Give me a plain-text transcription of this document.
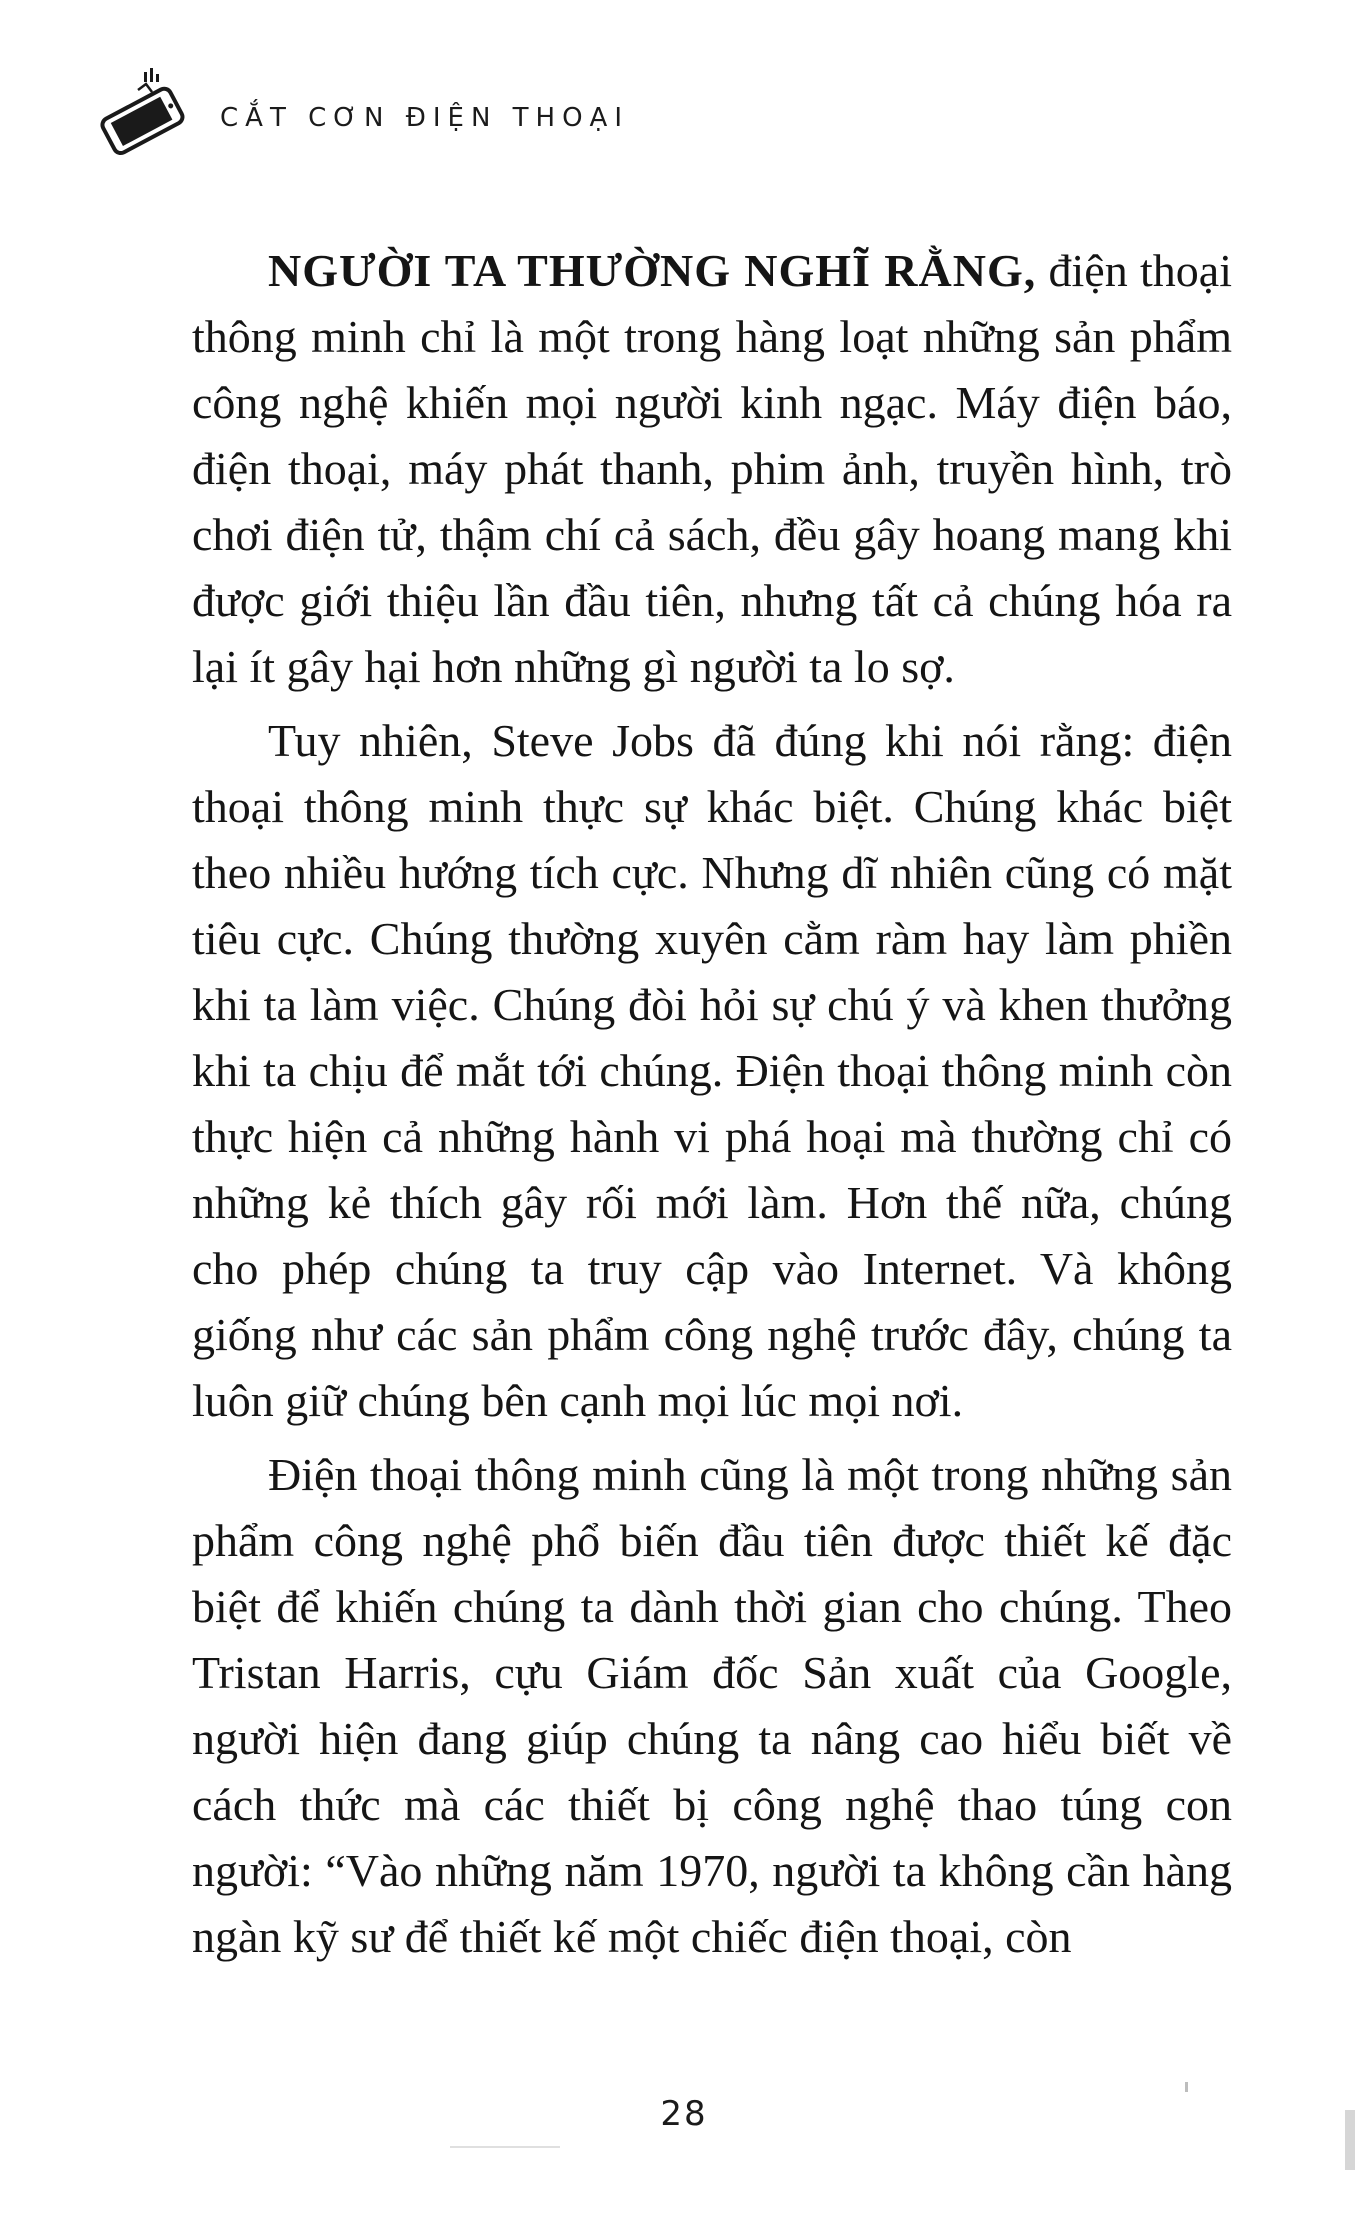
CẮT CƠN ĐIỆN THOẠI

NGƯỜI TA THƯỜNG NGHĨ RẰNG, điện thoại thông minh chỉ là một trong hàng loạt những sản phẩm công nghệ khiến mọi người kinh ngạc. Máy điện báo, điện thoại, máy phát thanh, phim ảnh, truyền hình, trò chơi điện tử, thậm chí cả sách, đều gây hoang mang khi được giới thiệu lần đầu tiên, nhưng tất cả chúng hóa ra lại ít gây hại hơn những gì người ta lo sợ.

Tuy nhiên, Steve Jobs đã đúng khi nói rằng: điện thoại thông minh thực sự khác biệt. Chúng khác biệt theo nhiều hướng tích cực. Nhưng dĩ nhiên cũng có mặt tiêu cực. Chúng thường xuyên cằm ràm hay làm phiền khi ta làm việc. Chúng đòi hỏi sự chú ý và khen thưởng khi ta chịu để mắt tới chúng. Điện thoại thông minh còn thực hiện cả những hành vi phá hoại mà thường chỉ có những kẻ thích gây rối mới làm. Hơn thế nữa, chúng cho phép chúng ta truy cập vào Internet. Và không giống như các sản phẩm công nghệ trước đây, chúng ta luôn giữ chúng bên cạnh mọi lúc mọi nơi.

Điện thoại thông minh cũng là một trong những sản phẩm công nghệ phổ biến đầu tiên được thiết kế đặc biệt để khiến chúng ta dành thời gian cho chúng. Theo Tristan Harris, cựu Giám đốc Sản xuất của Google, người hiện đang giúp chúng ta nâng cao hiểu biết về cách thức mà các thiết bị công nghệ thao túng con người: “Vào những năm 1970, người ta không cần hàng ngàn kỹ sư để thiết kế một chiếc điện thoại, còn

28
